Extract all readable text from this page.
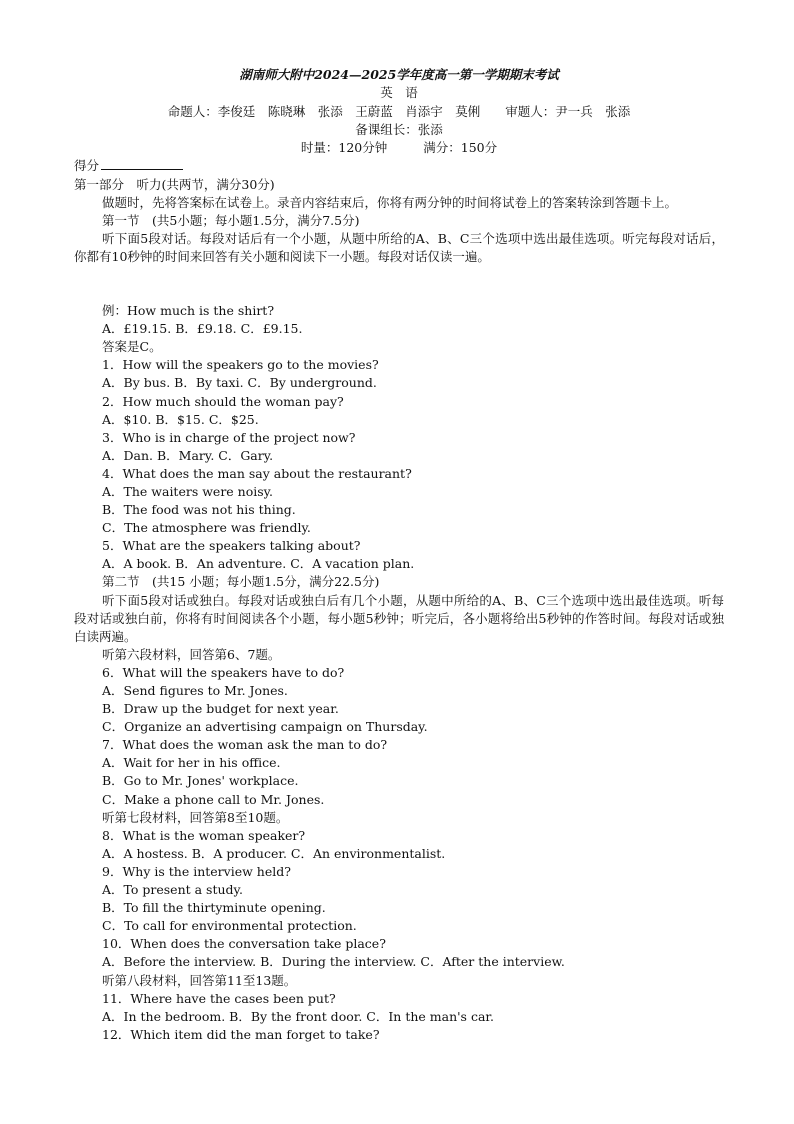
湖南师大附中2024—2025学年度高一第一学期期末考试
英　语
命题人：李俊廷　陈晓琳　张添　王蔚蓝　肖添宇　莫俐　　审题人：尹一兵　张添
备课组长：张添
时量：120分钟	满分：150分
得分
第一部分　听力(共两节，满分30分)
做题时，先将答案标在试卷上。录音内容结束后，你将有两分钟的时间将试卷上的答案转涂到答题卡上。
第一节　(共5小题；每小题1.5分，满分7.5分)
听下面5段对话。每段对话后有一个小题，从题中所给的A、B、C三个选项中选出最佳选项。听完每段对话后，你都有10秒钟的时间来回答有关小题和阅读下一小题。每段对话仅读一遍。
例：How much is the shirt?
A．£19.15. B．£9.18. C．£9.15.
答案是C。
1．How will the speakers go to the movies?
A．By bus. B．By taxi. C．By underground.
2．How much should the woman pay?
A．$10. B．$15. C．$25.
3．Who is in charge of the project now?
A．Dan. B．Mary. C．Gary.
4．What does the man say about the restaurant?
A．The waiters were noisy.
B．The food was not his thing.
C．The atmosphere was friendly.
5．What are the speakers talking about?
A．A book. B．An adventure. C．A vacation plan.
第二节　(共15 小题；每小题1.5分，满分22.5分)
听下面5段对话或独白。每段对话或独白后有几个小题，从题中所给的A、B、C三个选项中选出最佳选项。听每段对话或独白前，你将有时间阅读各个小题，每小题5秒钟；听完后，各小题将给出5秒钟的作答时间。每段对话或独白读两遍。
听第六段材料，回答第6、7题。
6．What will the speakers have to do?
A．Send figures to Mr. Jones.
B．Draw up the budget for next year.
C．Organize an advertising campaign on Thursday.
7．What does the woman ask the man to do?
A．Wait for her in his office.
B．Go to Mr. Jones' workplace.
C．Make a phone call to Mr. Jones.
听第七段材料，回答第8至10题。
8．What is the woman speaker?
A．A hostess. B．A producer. C．An environmentalist.
9．Why is the interview held?
A．To present a study.
B．To fill the thirtyminute opening.
C．To call for environmental protection.
10．When does the conversation take place?
A．Before the interview. B．During the interview. C．After the interview.
听第八段材料，回答第11至13题。
11．Where have the cases been put?
A．In the bedroom. B．By the front door. C．In the man's car.
12．Which item did the man forget to take?
